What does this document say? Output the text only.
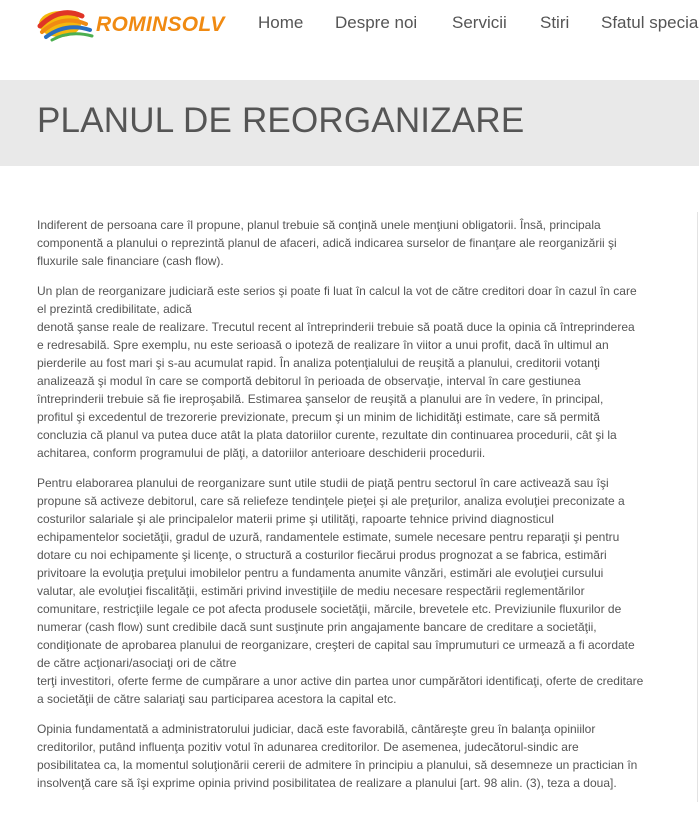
ROMINSOLV Home Despre noi Servicii Stiri Sfatul specia
PLANUL DE REORGANIZARE

Indiferent de persoana care îl propune, planul trebuie să conţină unele menţiuni obligatorii. Însă, principala
componentă a planului o reprezintă planul de afaceri, adică indicarea surselor de finanţare ale reorganizării şi
fluxurile sale financiare (cash flow).

Un plan de reorganizare judiciară este serios şi poate fi luat în calcul la vot de către creditori doar în cazul în care
el prezintă credibilitate, adică
denotă şanse reale de realizare. Trecutul recent al întreprinderii trebuie să poată duce la opinia că întreprinderea
e redresabilă. Spre exemplu, nu este serioasă o ipoteză de realizare în viitor a unui profit, dacă în ultimul an
pierderile au fost mari şi s-au acumulat rapid. În analiza potenţialului de reuşită a planului, creditorii votanţi
analizează şi modul în care se comportă debitorul în perioada de observaţie, interval în care gestiunea
întreprinderii trebuie să fie ireproşabilă. Estimarea şanselor de reuşită a planului are în vedere, în principal,
profitul şi excedentul de trezorerie previzionate, precum şi un minim de lichidităţi estimate, care să permită
concluzia că planul va putea duce atât la plata datoriilor curente, rezultate din continuarea procedurii, cât şi la
achitarea, conform programului de plăţi, a datoriilor anterioare deschiderii procedurii.

Pentru elaborarea planului de reorganizare sunt utile studii de piaţă pentru sectorul în care activează sau îşi
propune să activeze debitorul, care să reliefeze tendinţele pieţei şi ale preţurilor, analiza evoluţiei preconizate a
costurilor salariale şi ale principalelor materii prime şi utilităţi, rapoarte tehnice privind diagnosticul
echipamentelor societăţii, gradul de uzură, randamentele estimate, sumele necesare pentru reparaţii şi pentru
dotare cu noi echipamente şi licenţe, o structură a costurilor fiecărui produs prognozat a se fabrica, estimări
privitoare la evoluţia preţului imobilelor pentru a fundamenta anumite vânzări, estimări ale evoluţiei cursului
valutar, ale evoluţiei fiscalităţii, estimări privind investiţiile de mediu necesare respectării reglementărilor
comunitare, restricţiile legale ce pot afecta produsele societăţii, mărcile, brevetele etc. Previziunile fluxurilor de
numerar (cash flow) sunt credibile dacă sunt susţinute prin angajamente bancare de creditare a societăţii,
condiţionate de aprobarea planului de reorganizare, creşteri de capital sau împrumuturi ce urmează a fi acordate
de către acţionari/asociaţi ori de către
terţi investitori, oferte ferme de cumpărare a unor active din partea unor cumpărători identificaţi, oferte de creditare
a societăţii de către salariaţi sau participarea acestora la capital etc.

Opinia fundamentată a administratorului judiciar, dacă este favorabilă, cântăreşte greu în balanţa opiniilor
creditorilor, putând influenţa pozitiv votul în adunarea creditorilor. De asemenea, judecătorul-sindic are
posibilitatea ca, la momentul soluţionării cererii de admitere în principiu a planului, să desemneze un practician în
insolvenţă care să îşi exprime opinia privind posibilitatea de realizare a planului [art. 98 alin. (3), teza a doua].
